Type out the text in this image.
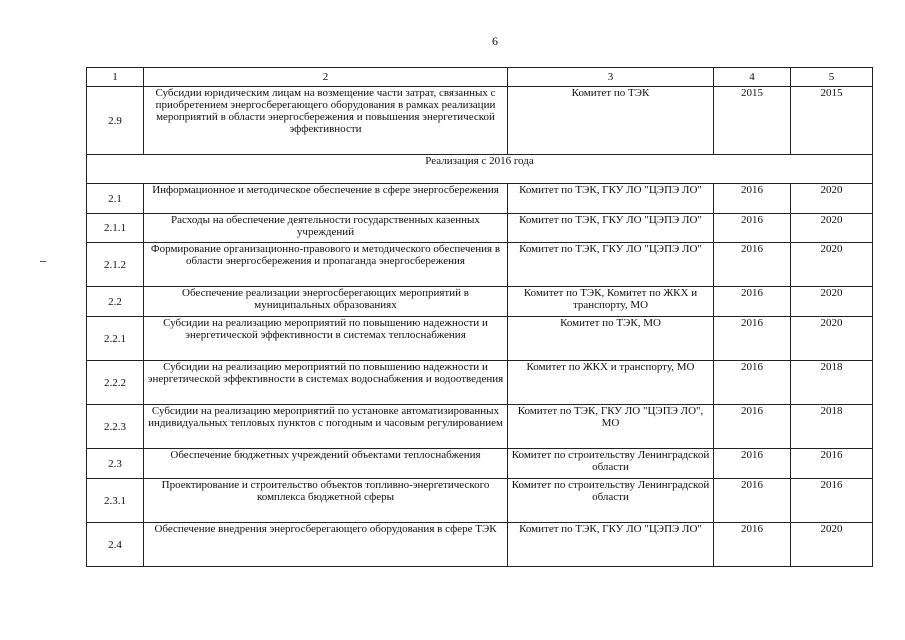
6
1	2	3	4	5
2.9	Субсидии юридическим лицам на возмещение части затрат, связанных с приобретением энергосберегающего оборудования в рамках реализации мероприятий в области энергосбережения и повышения энергетической эффективности	Комитет по ТЭК	2015	2015
Реализация с 2016 года				
2.1	Информационное и методическое обеспечение в сфере энергосбережения	Комитет по ТЭК, ГКУ ЛО "ЦЭПЭ ЛО"	2016	2020
2.1.1	Расходы на обеспечение деятельности государственных казенных учреждений	Комитет по ТЭК, ГКУ ЛО "ЦЭПЭ ЛО"	2016	2020
2.1.2	Формирование организационно-правового и методического обеспечения в области энергосбережения и пропаганда энергосбережения	Комитет по ТЭК, ГКУ ЛО "ЦЭПЭ ЛО"	2016	2020
2.2	Обеспечение реализации энергосберегающих мероприятий в муниципальных образованиях	Комитет по ТЭК, Комитет по ЖКХ и транспорту, МО	2016	2020
2.2.1	Субсидии на реализацию мероприятий по повышению надежности и энергетической эффективности в системах теплоснабжения	Комитет по ТЭК, МО	2016	2020
2.2.2	Субсидии на реализацию мероприятий по повышению надежности и энергетической эффективности в системах водоснабжения и водоотведения	Комитет по ЖКХ и транспорту, МО	2016	2018
2.2.3	Субсидии на реализацию мероприятий по установке автоматизированных индивидуальных тепловых пунктов с погодным и часовым регулированием	Комитет по ТЭК, ГКУ ЛО "ЦЭПЭ ЛО", МО	2016	2018
2.3	Обеспечение бюджетных учреждений объектами теплоснабжения	Комитет по строительству Ленинградской области	2016	2016
2.3.1	Проектирование и строительство объектов топливно-энергетического комплекса бюджетной сферы	Комитет по строительству Ленинградской области	2016	2016
2.4	Обеспечение внедрения энергосберегающего оборудования в сфере ТЭК	Комитет по ТЭК, ГКУ ЛО "ЦЭПЭ ЛО"	2016	2020
